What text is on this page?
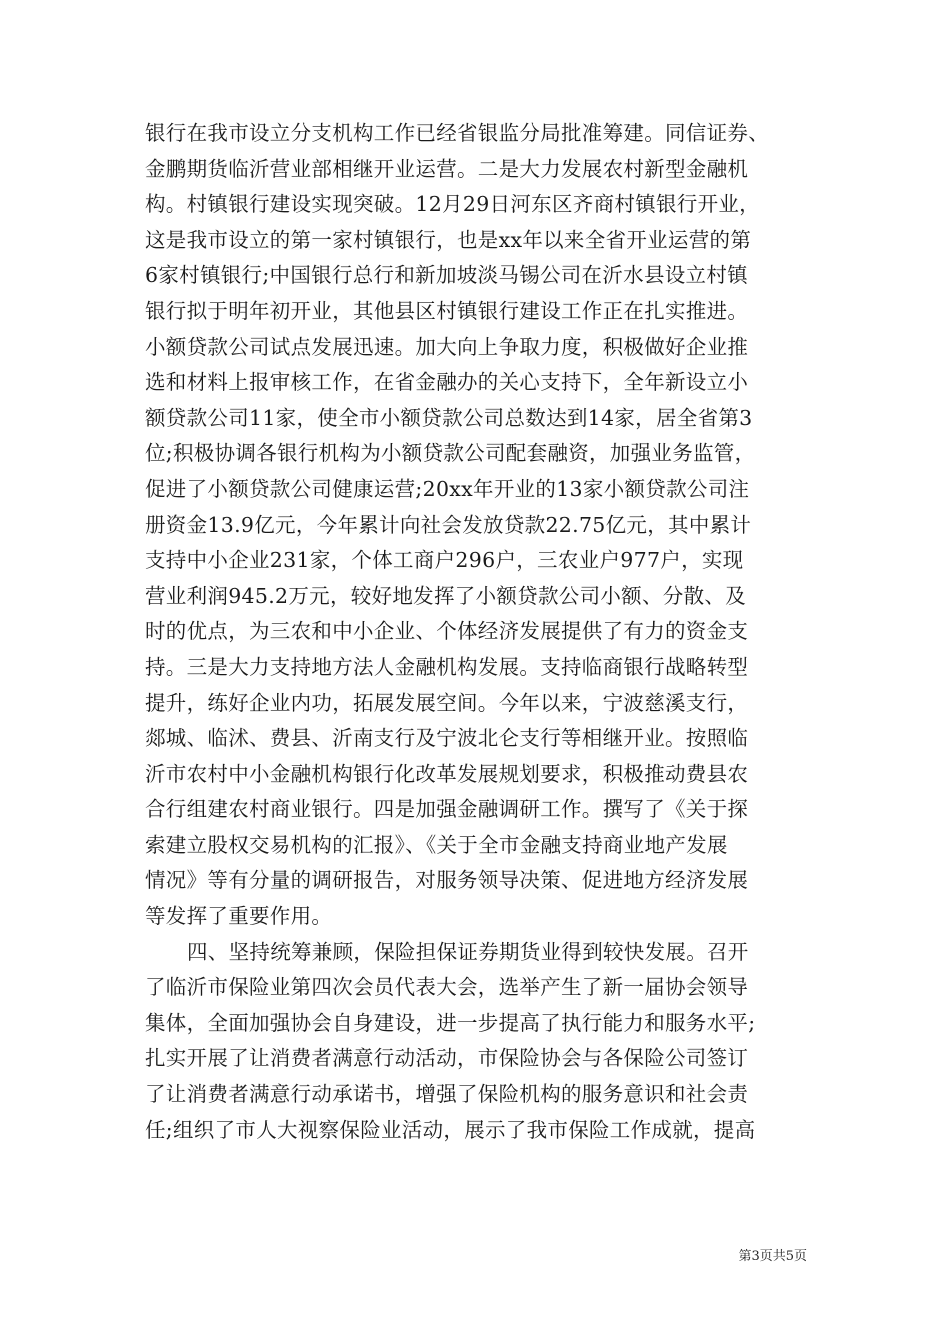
银行在我市设立分支机构工作已经省银监分局批准筹建。同信证券、
金鹏期货临沂营业部相继开业运营。二是大力发展农村新型金融机
构。村镇银行建设实现突破。12月29日河东区齐商村镇银行开业，
这是我市设立的第一家村镇银行，也是xx年以来全省开业运营的第
6家村镇银行;中国银行总行和新加坡淡马锡公司在沂水县设立村镇
银行拟于明年初开业，其他县区村镇银行建设工作正在扎实推进。
小额贷款公司试点发展迅速。加大向上争取力度，积极做好企业推
选和材料上报审核工作，在省金融办的关心支持下，全年新设立小
额贷款公司11家，使全市小额贷款公司总数达到14家，居全省第3
位;积极协调各银行机构为小额贷款公司配套融资，加强业务监管，
促进了小额贷款公司健康运营;20xx年开业的13家小额贷款公司注
册资金13.9亿元，今年累计向社会发放贷款22.75亿元，其中累计
支持中小企业231家，个体工商户296户，三农业户977户，实现
营业利润945.2万元，较好地发挥了小额贷款公司小额、分散、及
时的优点，为三农和中小企业、个体经济发展提供了有力的资金支
持。三是大力支持地方法人金融机构发展。支持临商银行战略转型
提升，练好企业内功，拓展发展空间。今年以来，宁波慈溪支行，
郯城、临沭、费县、沂南支行及宁波北仑支行等相继开业。按照临
沂市农村中小金融机构银行化改革发展规划要求，积极推动费县农
合行组建农村商业银行。四是加强金融调研工作。撰写了《关于探
索建立股权交易机构的汇报》、《关于全市金融支持商业地产发展
情况》等有分量的调研报告，对服务领导决策、促进地方经济发展
等发挥了重要作用。
四、坚持统筹兼顾，保险担保证券期货业得到较快发展。召开
了临沂市保险业第四次会员代表大会，选举产生了新一届协会领导
集体，全面加强协会自身建设，进一步提高了执行能力和服务水平;
扎实开展了让消费者满意行动活动，市保险协会与各保险公司签订
了让消费者满意行动承诺书，增强了保险机构的服务意识和社会责
任;组织了市人大视察保险业活动，展示了我市保险工作成就，提高
第3页共5页
